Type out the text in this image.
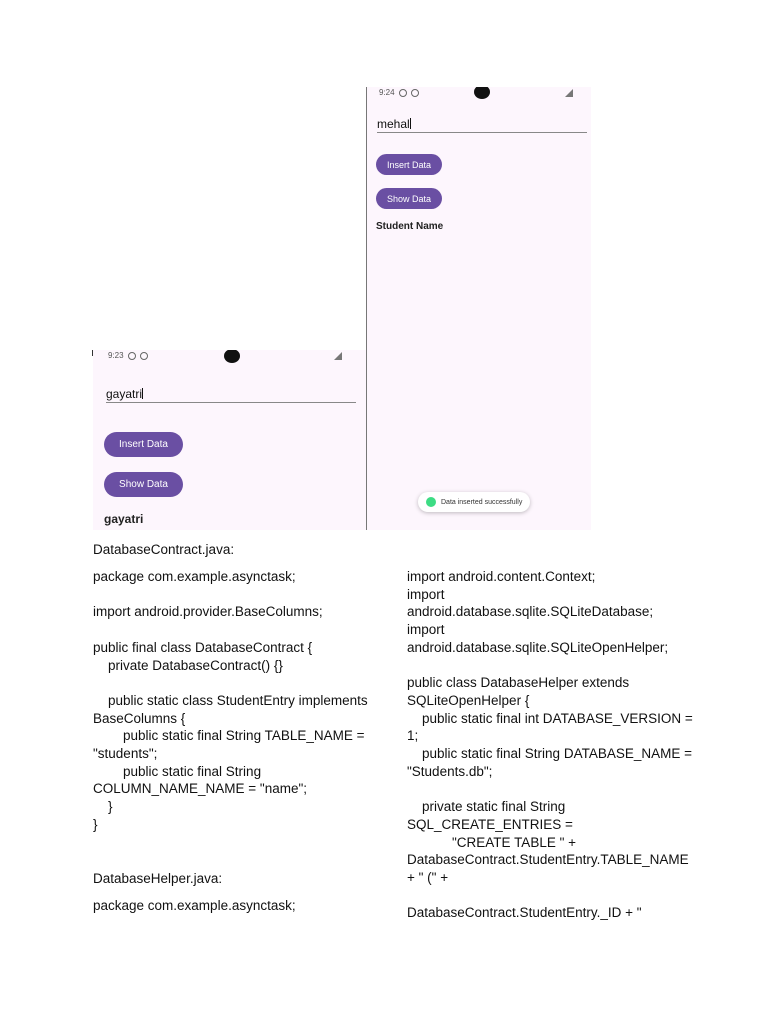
9:24
mehal
Insert Data
Show Data
Student Name
Data inserted successfully
9:23
gayatri
Insert Data
Show Data
gayatri

DatabaseContract.java:

package com.example.asynctask;

import android.provider.BaseColumns;

public final class DatabaseContract {
private DatabaseContract() {}

public static class StudentEntry implements
BaseColumns {
public static final String TABLE_NAME =
"students";
public static final String
COLUMN_NAME_NAME = "name";
}
}

DatabaseHelper.java:

package com.example.asynctask;
import android.content.Context;
import
android.database.sqlite.SQLiteDatabase;
import
android.database.sqlite.SQLiteOpenHelper;

public class DatabaseHelper extends
SQLiteOpenHelper {
public static final int DATABASE_VERSION =
1;
public static final String DATABASE_NAME =
"Students.db";

private static final String
SQL_CREATE_ENTRIES =
"CREATE TABLE " +
DatabaseContract.StudentEntry.TABLE_NAME
+ " (" +

DatabaseContract.StudentEntry._ID + "
